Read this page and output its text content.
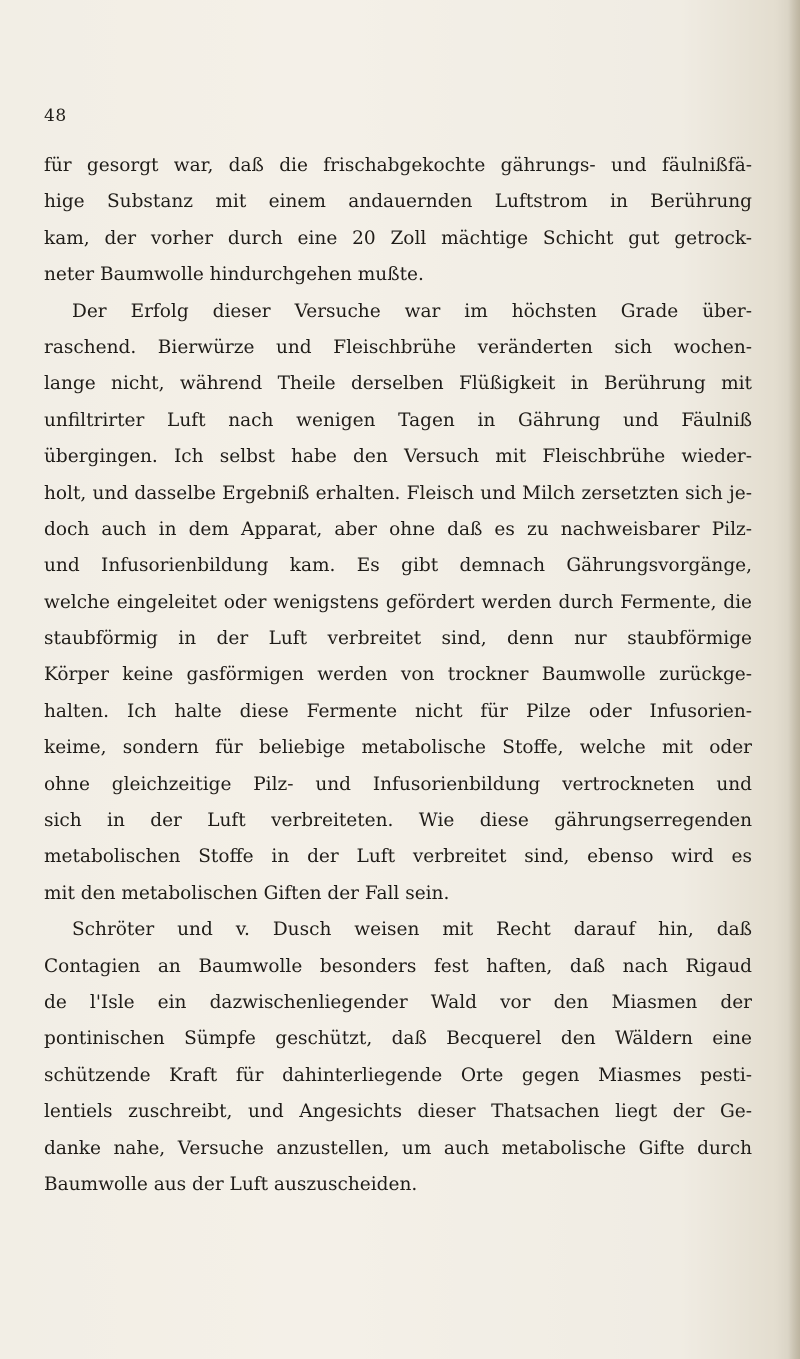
48
für gesorgt war, daß die frischabgekochte gährungs- und fäulnißfä-
hige Substanz mit einem andauernden Luftstrom in Berührung
kam, der vorher durch eine 20 Zoll mächtige Schicht gut getrock-
neter Baumwolle hindurchgehen mußte.
Der Erfolg dieser Versuche war im höchsten Grade über-
raschend. Bierwürze und Fleischbrühe veränderten sich wochen-
lange nicht, während Theile derselben Flüßigkeit in Berührung mit
unfiltrirter Luft nach wenigen Tagen in Gährung und Fäulniß
übergingen. Ich selbst habe den Versuch mit Fleischbrühe wieder-
holt, und dasselbe Ergebniß erhalten. Fleisch und Milch zersetzten sich je-
doch auch in dem Apparat, aber ohne daß es zu nachweisbarer Pilz-
und Infusorienbildung kam. Es gibt demnach Gährungsvorgänge,
welche eingeleitet oder wenigstens gefördert werden durch Fermente, die
staubförmig in der Luft verbreitet sind, denn nur staubförmige
Körper keine gasförmigen werden von trockner Baumwolle zurückge-
halten. Ich halte diese Fermente nicht für Pilze oder Infusorien-
keime, sondern für beliebige metabolische Stoffe, welche mit oder
ohne gleichzeitige Pilz- und Infusorienbildung vertrockneten und
sich in der Luft verbreiteten. Wie diese gährungserregenden
metabolischen Stoffe in der Luft verbreitet sind, ebenso wird es
mit den metabolischen Giften der Fall sein.
Schröter und v. Dusch weisen mit Recht darauf hin, daß
Contagien an Baumwolle besonders fest haften, daß nach Rigaud
de l'Isle ein dazwischenliegender Wald vor den Miasmen der
pontinischen Sümpfe geschützt, daß Becquerel den Wäldern eine
schützende Kraft für dahinterliegende Orte gegen Miasmes pesti-
lentiels zuschreibt, und Angesichts dieser Thatsachen liegt der Ge-
danke nahe, Versuche anzustellen, um auch metabolische Gifte durch
Baumwolle aus der Luft auszuscheiden.
